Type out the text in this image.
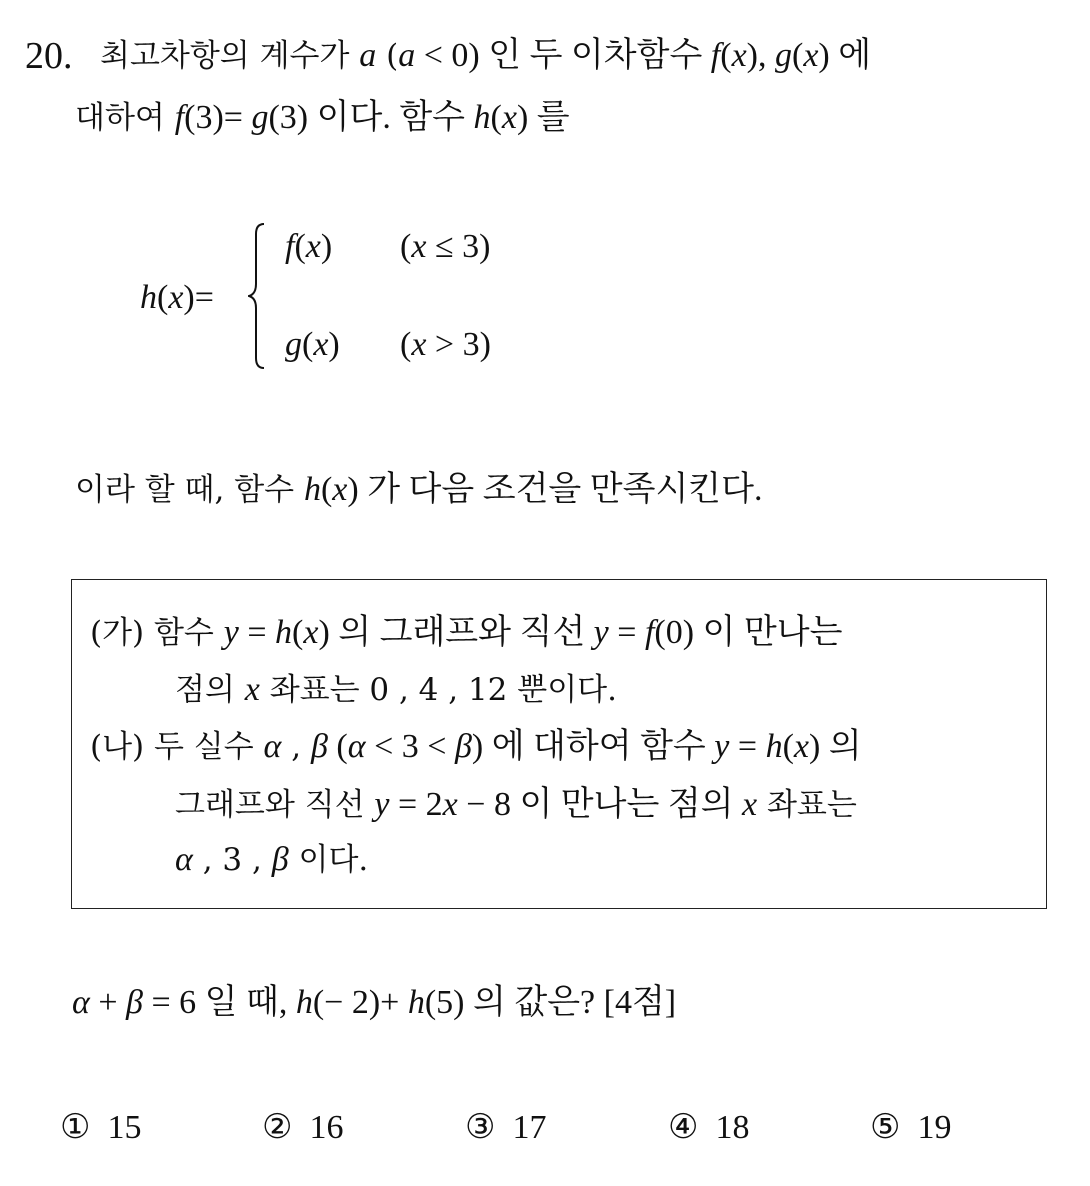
20. 최고차항의 계수가 a (a < 0) 인 두 이차함수 f(x), g(x) 에
대하여 f(3)= g(3) 이다. 함수 h(x) 를
h(x)=
f(x) (x ≤ 3)
g(x) (x > 3)
이라 할 때, 함수 h(x) 가 다음 조건을 만족시킨다.
(가) 함수 y = h(x) 의 그래프와 직선 y = f(0) 이 만나는
점의 x 좌표는 0 , 4 , 12 뿐이다.
(나) 두 실수 α , β (α < 3 < β) 에 대하여 함수 y = h(x) 의
그래프와 직선 y = 2x − 8 이 만나는 점의 x 좌표는
α , 3 , β 이다.
α + β = 6 일 때, h(− 2)+ h(5) 의 값은? [4점]
①  15	②  16	③  17	④  18	⑤  19
